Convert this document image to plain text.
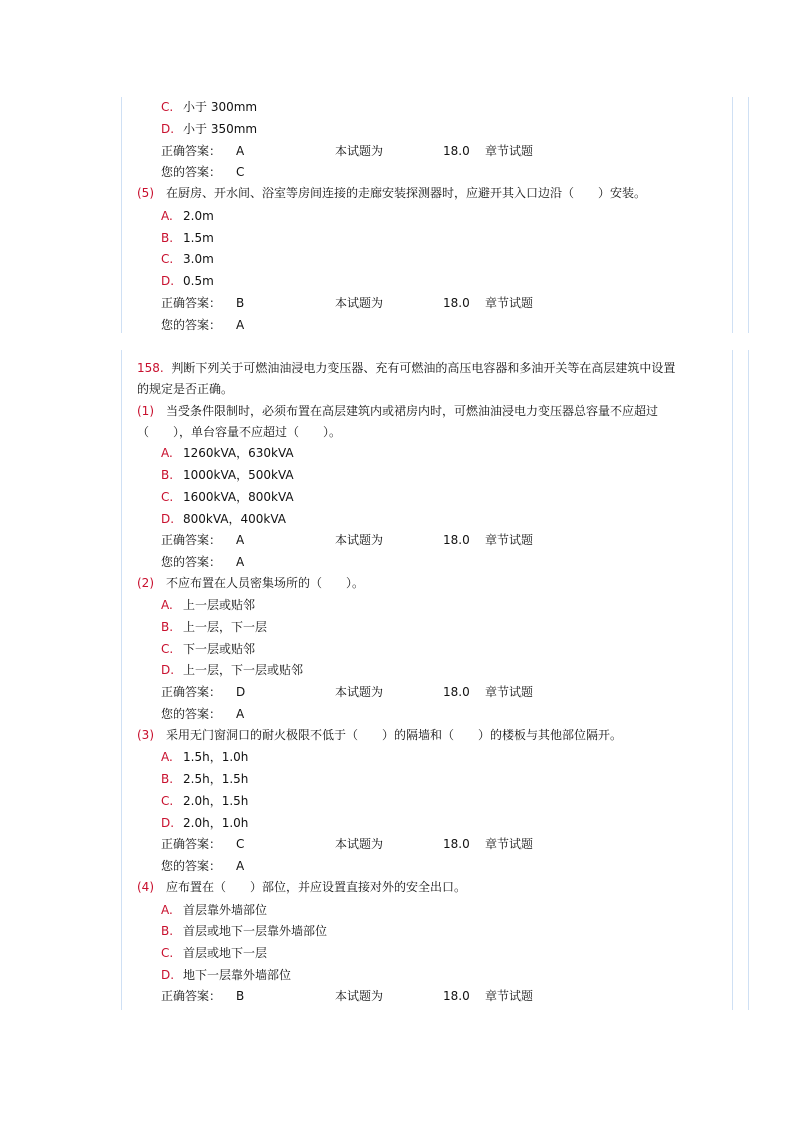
C. 小于 300mm
D. 小于 350mm
正确答案： A	本试题为	18.0 章节试题
您的答案： C
(5) 在厨房、开水间、浴室等房间连接的走廊安装探测器时，应避开其入口边沿（　　）安装。
A. 2.0m
B. 1.5m
C. 3.0m
D. 0.5m
正确答案： B	本试题为	18.0 章节试题
您的答案： A
158. 判断下列关于可燃油油浸电力变压器、充有可燃油的高压电容器和多油开关等在高层建筑中设置
的规定是否正确。
(1) 当受条件限制时，必须布置在高层建筑内或裙房内时，可燃油油浸电力变压器总容量不应超过
（　　），单台容量不应超过（　　）。
A. 1260kVA，630kVA
B. 1000kVA，500kVA
C. 1600kVA，800kVA
D. 800kVA，400kVA
正确答案： A	本试题为	18.0 章节试题
您的答案： A
(2) 不应布置在人员密集场所的（　　）。
A. 上一层或贴邻
B. 上一层，下一层
C. 下一层或贴邻
D. 上一层，下一层或贴邻
正确答案： D	本试题为	18.0 章节试题
您的答案： A
(3) 采用无门窗洞口的耐火极限不低于（　　）的隔墙和（　　）的楼板与其他部位隔开。
A. 1.5h，1.0h
B. 2.5h，1.5h
C. 2.0h，1.5h
D. 2.0h，1.0h
正确答案： C	本试题为	18.0 章节试题
您的答案： A
(4) 应布置在（　　）部位，并应设置直接对外的安全出口。
A. 首层靠外墙部位
B. 首层或地下一层靠外墙部位
C. 首层或地下一层
D. 地下一层靠外墙部位
正确答案： B	本试题为	18.0 章节试题
